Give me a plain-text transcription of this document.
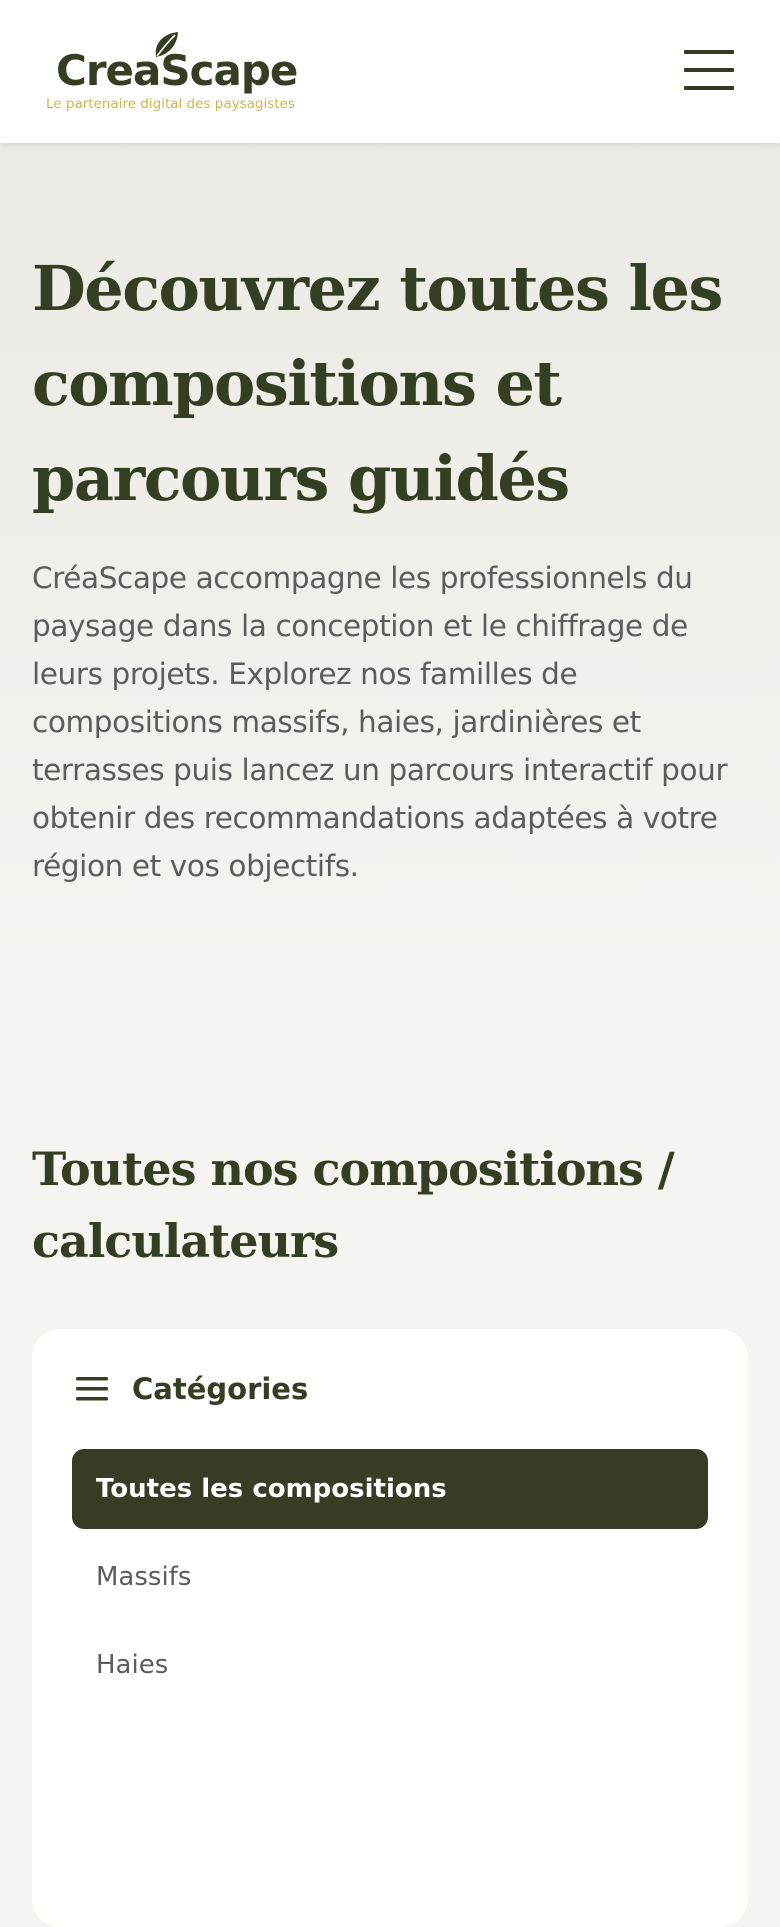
CreaScape
Le partenaire digital des paysagistes
Découvrez toutes les compositions et parcours guidés

CréaScape accompagne les professionnels du paysage dans la conception et le chiffrage de leurs projets. Explorez nos familles de compositions massifs, haies, jardinières et terrasses puis lancez un parcours interactif pour obtenir des recommandations adaptées à votre région et vos objectifs.

Toutes nos compositions / calculateurs
Catégories
Toutes les compositions
Massifs
Haies
